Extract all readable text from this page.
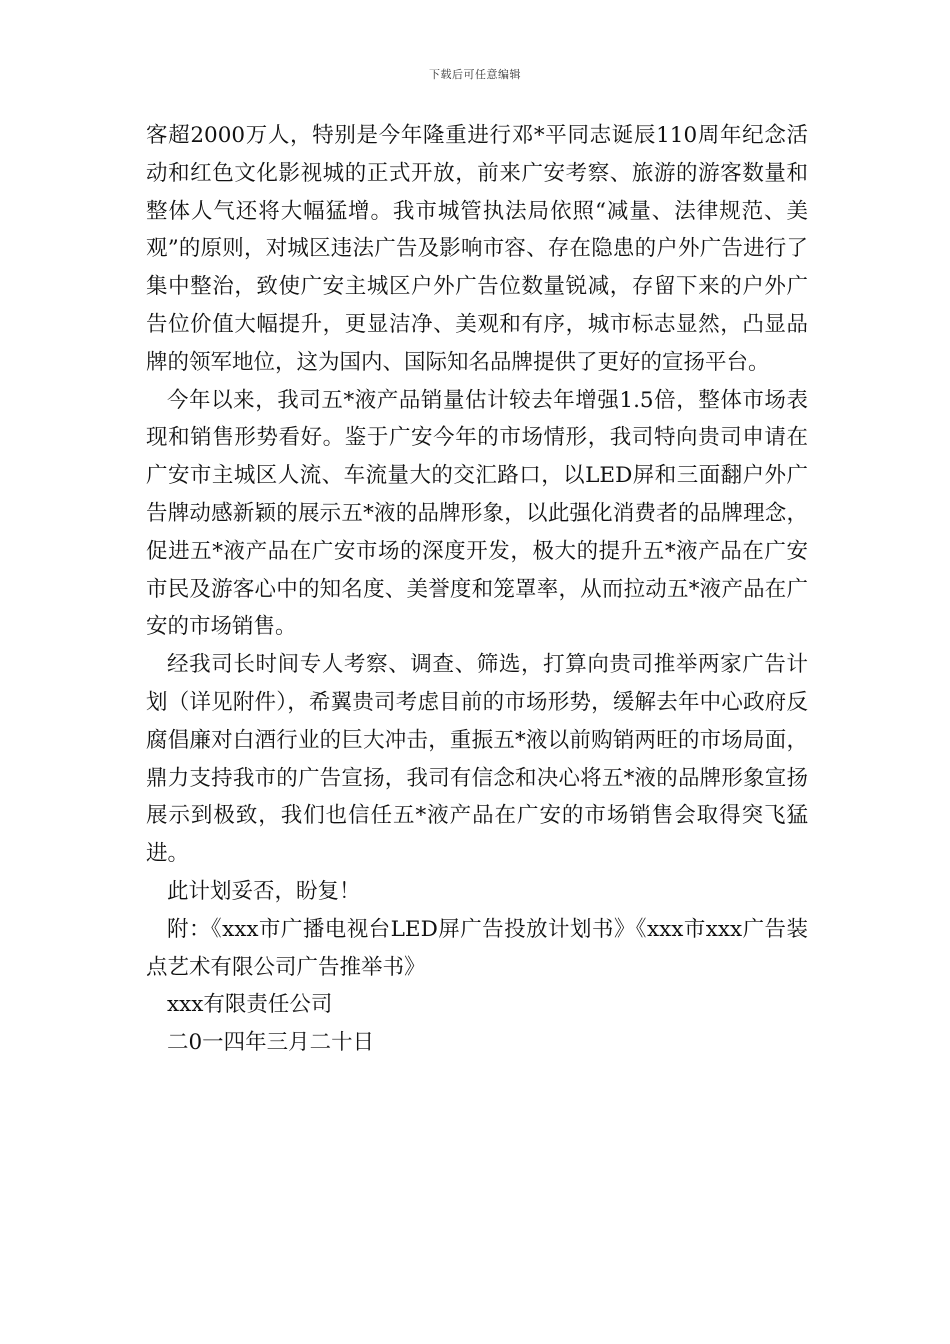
下载后可任意编辑

客超2000万人，特别是今年隆重进行邓*平同志诞辰110周年纪念活动和红色文化影视城的正式开放，前来广安考察、旅游的游客数量和整体人气还将大幅猛增。我市城管执法局依照“减量、法律规范、美观”的原则，对城区违法广告及影响市容、存在隐患的户外广告进行了集中整治，致使广安主城区户外广告位数量锐减，存留下来的户外广告位价值大幅提升，更显洁净、美观和有序，城市标志显然，凸显品牌的领军地位，这为国内、国际知名品牌提供了更好的宣扬平台。

今年以来，我司五*液产品销量估计较去年增强1.5倍，整体市场表现和销售形势看好。鉴于广安今年的市场情形，我司特向贵司申请在广安市主城区人流、车流量大的交汇路口，以LED屏和三面翻户外广告牌动感新颖的展示五*液的品牌形象，以此强化消费者的品牌理念，促进五*液产品在广安市场的深度开发，极大的提升五*液产品在广安市民及游客心中的知名度、美誉度和笼罩率，从而拉动五*液产品在广安的市场销售。

经我司长时间专人考察、调查、筛选，打算向贵司推举两家广告计划（详见附件），希翼贵司考虑目前的市场形势，缓解去年中心政府反腐倡廉对白酒行业的巨大冲击，重振五*液以前购销两旺的市场局面，鼎力支持我市的广告宣扬，我司有信念和决心将五*液的品牌形象宣扬展示到极致，我们也信任五*液产品在广安的市场销售会取得突飞猛进。

此计划妥否，盼复！

附：《xxx市广播电视台LED屏广告投放计划书》《xxx市xxx广告装点艺术有限公司广告推举书》

xxx有限责任公司

二0一四年三月二十日
